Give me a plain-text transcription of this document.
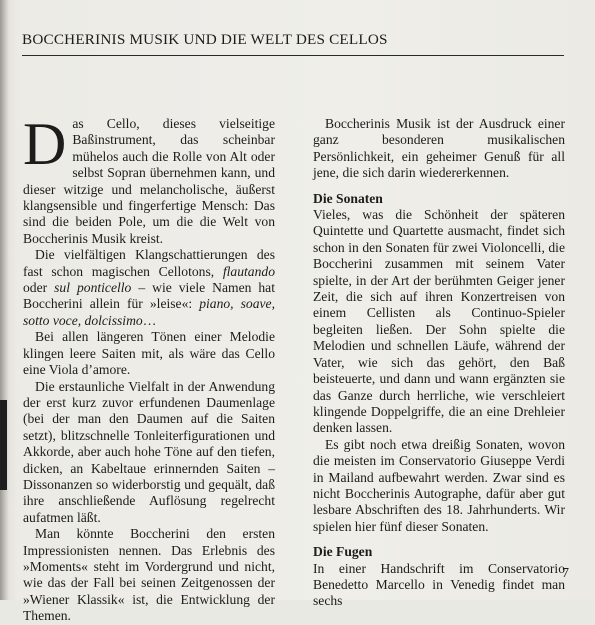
BOCCHERINIS MUSIK UND DIE WELT DES CELLOS

Das Cello, dieses vielseitige Baßinstrument, das scheinbar mühelos auch die Rolle von Alt oder selbst Sopran übernehmen kann, und dieser witzige und melancholische, äußerst klangsensible und fingerfertige Mensch: Das sind die beiden Pole, um die die Welt von Boccherinis Musik kreist.

Die vielfältigen Klangschattierungen des fast schon magischen Cellotons, flautando oder sul ponticello – wie viele Namen hat Boccherini allein für »leise«: piano, soave, sotto voce, dolcissimo…

Bei allen längeren Tönen einer Melodie klingen leere Saiten mit, als wäre das Cello eine Viola d’amore.

Die erstaunliche Vielfalt in der Anwendung der erst kurz zuvor erfundenen Daumenlage (bei der man den Daumen auf die Saiten setzt), blitzschnelle Tonleiterfigurationen und Akkorde, aber auch hohe Töne auf den tiefen, dicken, an Kabeltaue erinnernden Saiten – Dissonanzen so widerborstig und gequält, daß ihre anschließende Auflösung regelrecht aufatmen läßt.

Man könnte Boccherini den ersten Impressionisten nennen. Das Erlebnis des »Moments« steht im Vordergrund und nicht, wie das der Fall bei seinen Zeitgenossen der »Wiener Klassik« ist, die Entwicklung der Themen.

Boccherinis Musik ist der Ausdruck einer ganz besonderen musikalischen Persönlichkeit, ein geheimer Genuß für all jene, die sich darin wiedererkennen.

Die Sonaten

Vieles, was die Schönheit der späteren Quintette und Quartette ausmacht, findet sich schon in den Sonaten für zwei Violoncelli, die Boccherini zusammen mit seinem Vater spielte, in der Art der berühmten Geiger jener Zeit, die sich auf ihren Konzertreisen von einem Cellisten als Continuo-Spieler begleiten ließen. Der Sohn spielte die Melodien und schnellen Läufe, während der Vater, wie sich das gehört, den Baß beisteuerte, und dann und wann ergänzten sie das Ganze durch herrliche, wie verschleiert klingende Doppelgriffe, die an eine Drehleier denken lassen.

Es gibt noch etwa dreißig Sonaten, wovon die meisten im Conservatorio Giuseppe Verdi in Mailand aufbewahrt werden. Zwar sind es nicht Boccherinis Autographe, dafür aber gut lesbare Abschriften des 18. Jahrhunderts. Wir spielen hier fünf dieser Sonaten.

Die Fugen

In einer Handschrift im Conservatorio Benedetto Marcello in Venedig findet man sechs

7
